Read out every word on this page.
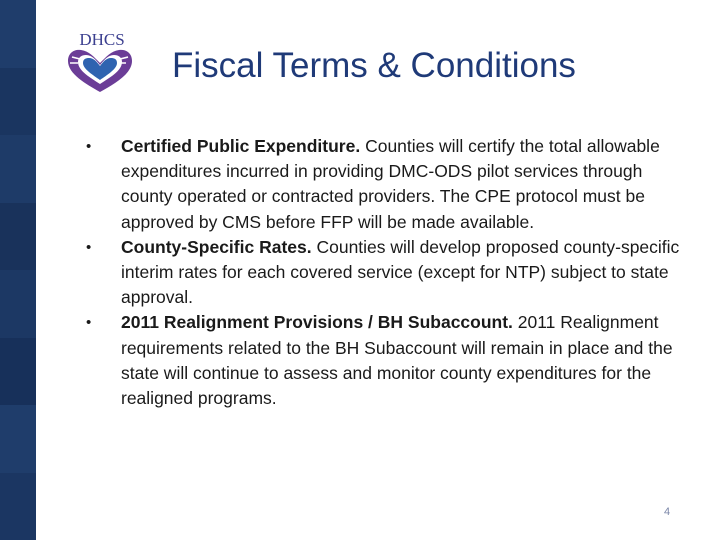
DHCS
Fiscal Terms & Conditions
•	Certified Public Expenditure. Counties will certify the total allowable expenditures incurred in providing DMC-ODS pilot services through county operated or contracted providers. The CPE protocol must be approved by CMS before FFP will be made available.
•	County-Specific Rates. Counties will develop proposed county-specific interim rates for each covered service (except for NTP) subject to state approval.
•	2011 Realignment Provisions / BH Subaccount. 2011 Realignment requirements related to the BH Subaccount will remain in place and the state will continue to assess and monitor county expenditures for the realigned programs.
4
